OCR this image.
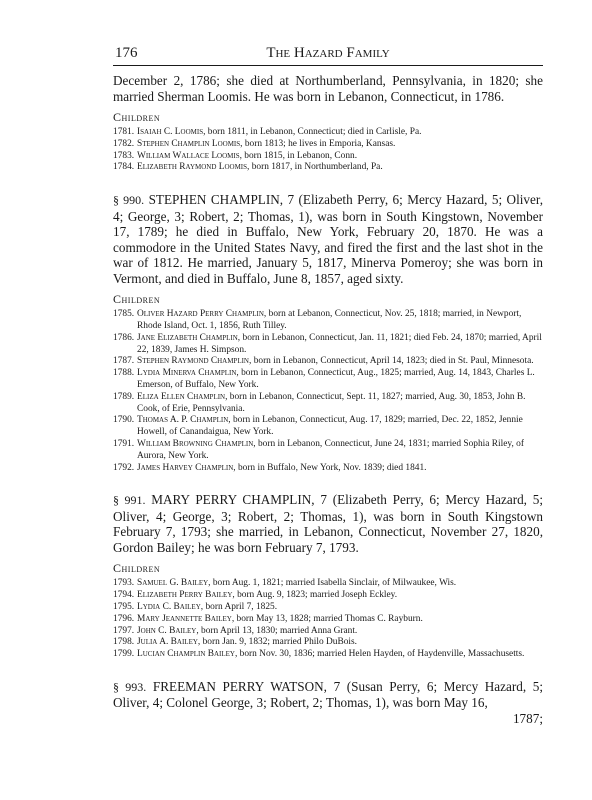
176	The Hazard Family

December 2, 1786; she died at Northumberland, Pennsylvania, in 1820; she married Sherman Loomis. He was born in Lebanon, Connecticut, in 1786.

Children
1781. Isaiah C. Loomis, born 1811, in Lebanon, Connecticut; died in Carlisle, Pa.
1782. Stephen Champlin Loomis, born 1813; he lives in Emporia, Kansas.
1783. William Wallace Loomis, born 1815, in Lebanon, Conn.
1784. Elizabeth Raymond Loomis, born 1817, in Northumberland, Pa.

§ 990. STEPHEN CHAMPLIN, 7 (Elizabeth Perry, 6; Mercy Hazard, 5; Oliver, 4; George, 3; Robert, 2; Thomas, 1), was born in South Kingstown, November 17, 1789; he died in Buffalo, New York, February 20, 1870. He was a commodore in the United States Navy, and fired the first and the last shot in the war of 1812. He married, January 5, 1817, Minerva Pomeroy; she was born in Vermont, and died in Buffalo, June 8, 1857, aged sixty.

Children
1785. Oliver Hazard Perry Champlin, born at Lebanon, Connecticut, Nov. 25, 1818; married, in Newport, Rhode Island, Oct. 1, 1856, Ruth Tilley.
1786. Jane Elizabeth Champlin, born in Lebanon, Connecticut, Jan. 11, 1821; died Feb. 24, 1870; married, April 22, 1839, James H. Simpson.
1787. Stephen Raymond Champlin, born in Lebanon, Connecticut, April 14, 1823; died in St. Paul, Minnesota.
1788. Lydia Minerva Champlin, born in Lebanon, Connecticut, Aug., 1825; married, Aug. 14, 1843, Charles L. Emerson, of Buffalo, New York.
1789. Eliza Ellen Champlin, born in Lebanon, Connecticut, Sept. 11, 1827; married, Aug. 30, 1853, John B. Cook, of Erie, Pennsylvania.
1790. Thomas A. P. Champlin, born in Lebanon, Connecticut, Aug. 17, 1829; married, Dec. 22, 1852, Jennie Howell, of Canandaigua, New York.
1791. William Browning Champlin, born in Lebanon, Connecticut, June 24, 1831; married Sophia Riley, of Aurora, New York.
1792. James Harvey Champlin, born in Buffalo, New York, Nov. 1839; died 1841.

§ 991. MARY PERRY CHAMPLIN, 7 (Elizabeth Perry, 6; Mercy Hazard, 5; Oliver, 4; George, 3; Robert, 2; Thomas, 1), was born in South Kingstown February 7, 1793; she married, in Lebanon, Connecticut, November 27, 1820, Gordon Bailey; he was born February 7, 1793.

Children
1793. Samuel G. Bailey, born Aug. 1, 1821; married Isabella Sinclair, of Milwaukee, Wis.
1794. Elizabeth Perry Bailey, born Aug. 9, 1823; married Joseph Eckley.
1795. Lydia C. Bailey, born April 7, 1825.
1796. Mary Jeannette Bailey, born May 13, 1828; married Thomas C. Rayburn.
1797. John C. Bailey, born April 13, 1830; married Anna Grant.
1798. Julia A. Bailey, born Jan. 9, 1832; married Philo DuBois.
1799. Lucian Champlin Bailey, born Nov. 30, 1836; married Helen Hayden, of Haydenville, Massachusetts.

§ 993. FREEMAN PERRY WATSON, 7 (Susan Perry, 6; Mercy Hazard, 5; Oliver, 4; Colonel George, 3; Robert, 2; Thomas, 1), was born May 16,

1787;
